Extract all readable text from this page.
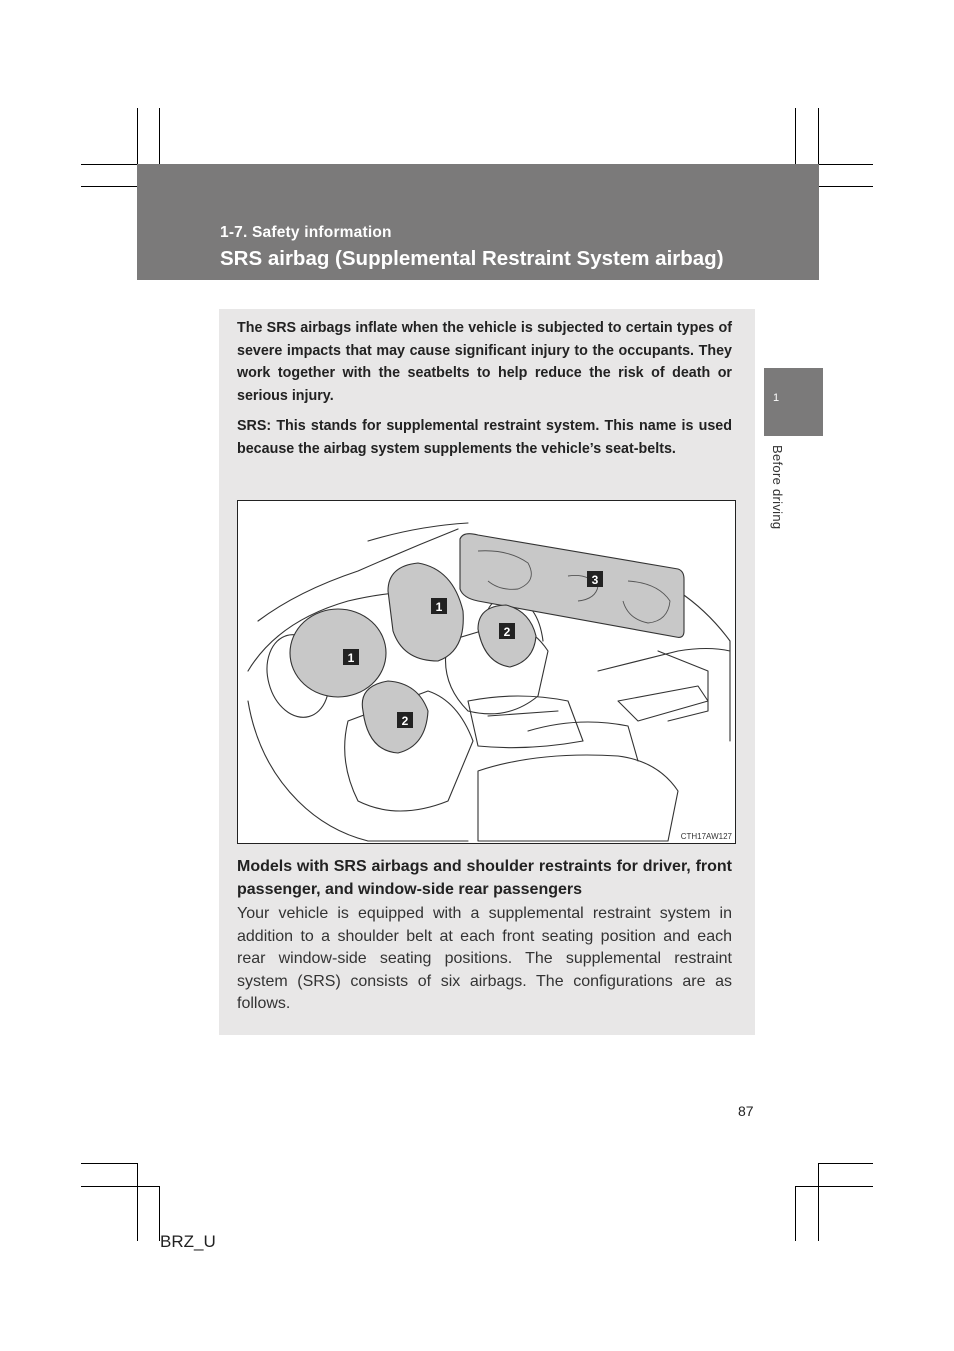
1-7. Safety information
SRS airbag (Supplemental Restraint System airbag)
1
Before driving

The SRS airbags inflate when the vehicle is subjected to certain types of severe impacts that may cause significant injury to the occupants. They work together with the seatbelts to help reduce the risk of death or serious injury.

SRS: This stands for supplemental restraint system. This name is used because the airbag system supplements the vehicle’s seat-belts.

1
1
2
2
3
CTH17AW127

Models with SRS airbags and shoulder restraints for driver, front passenger, and window-side rear passengers

Your vehicle is equipped with a supplemental restraint system in addition to a shoulder belt at each front seating position and each rear window-side seating positions. The supplemental restraint system (SRS) consists of six airbags. The configurations are as follows.

87
BRZ_U
